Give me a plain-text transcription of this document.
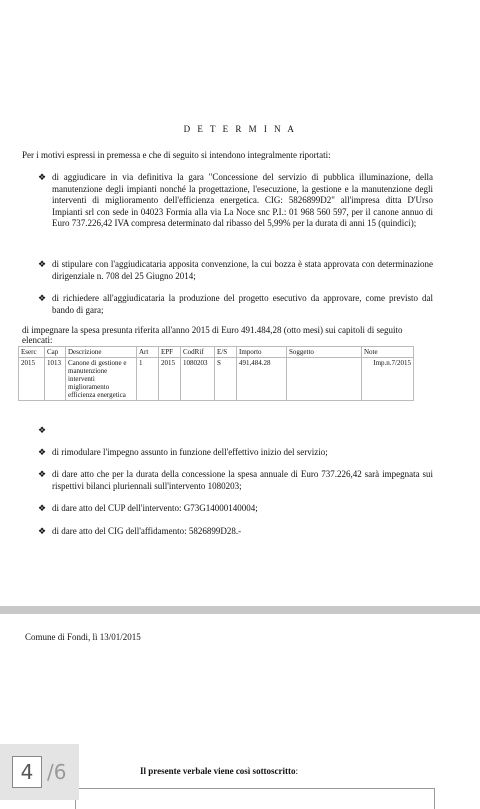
D E T E R M I N A
Per i motivi espressi in premessa e che di seguito si intendono integralmente riportati:
❖ di aggiudicare in via definitiva la gara "Concessione del servizio di pubblica illuminazione, della manutenzione degli impianti nonché la progettazione, l'esecuzione, la gestione e la manutenzione degli interventi di miglioramento dell'efficienza energetica. CIG: 5826899D2" all'impresa ditta D'Urso Impianti srl con sede in 04023 Formia alla via La Noce snc P.I.: 01 968 560 597, per il canone annuo di Euro 737.226,42 IVA compresa determinato dal ribasso del 5,99% per la durata di anni 15 (quindici);
❖ di stipulare con l'aggiudicataria apposita convenzione, la cui bozza è stata approvata con determinazione dirigenziale n. 708 del 25 Giugno 2014;
❖ di richiedere all'aggiudicataria la produzione del progetto esecutivo da approvare, come previsto dal bando di gara;
di impegnare la spesa presunta riferita all'anno 2015 di Euro 491.484,28 (otto mesi) sui capitoli di seguito elencati:
Eserc	Cap	Descrizione	Art	EPF	CodRif	E/S	Importo	Soggetto	Note
2015	1013	Canone di gestione e manutenzione interventi miglioramento efficienza energetica	1	2015	1080203	S	491,484.28		Imp.n.7/2015
❖
❖ di rimodulare l'impegno assunto in funzione dell'effettivo inizio del servizio;
❖ di dare atto che per la durata della concessione la spesa annuale di Euro 737.226,42 sarà impegnata sui rispettivi bilanci pluriennali sull'intervento 1080203;
❖ di dare atto del CUP dell'intervento: G73G14000140004;
❖ di dare atto del CIG dell'affidamento: 5826899D28.-
Comune di Fondi, lì 13/01/2015
Il presente verbale viene così sottoscritto:
4 /6
